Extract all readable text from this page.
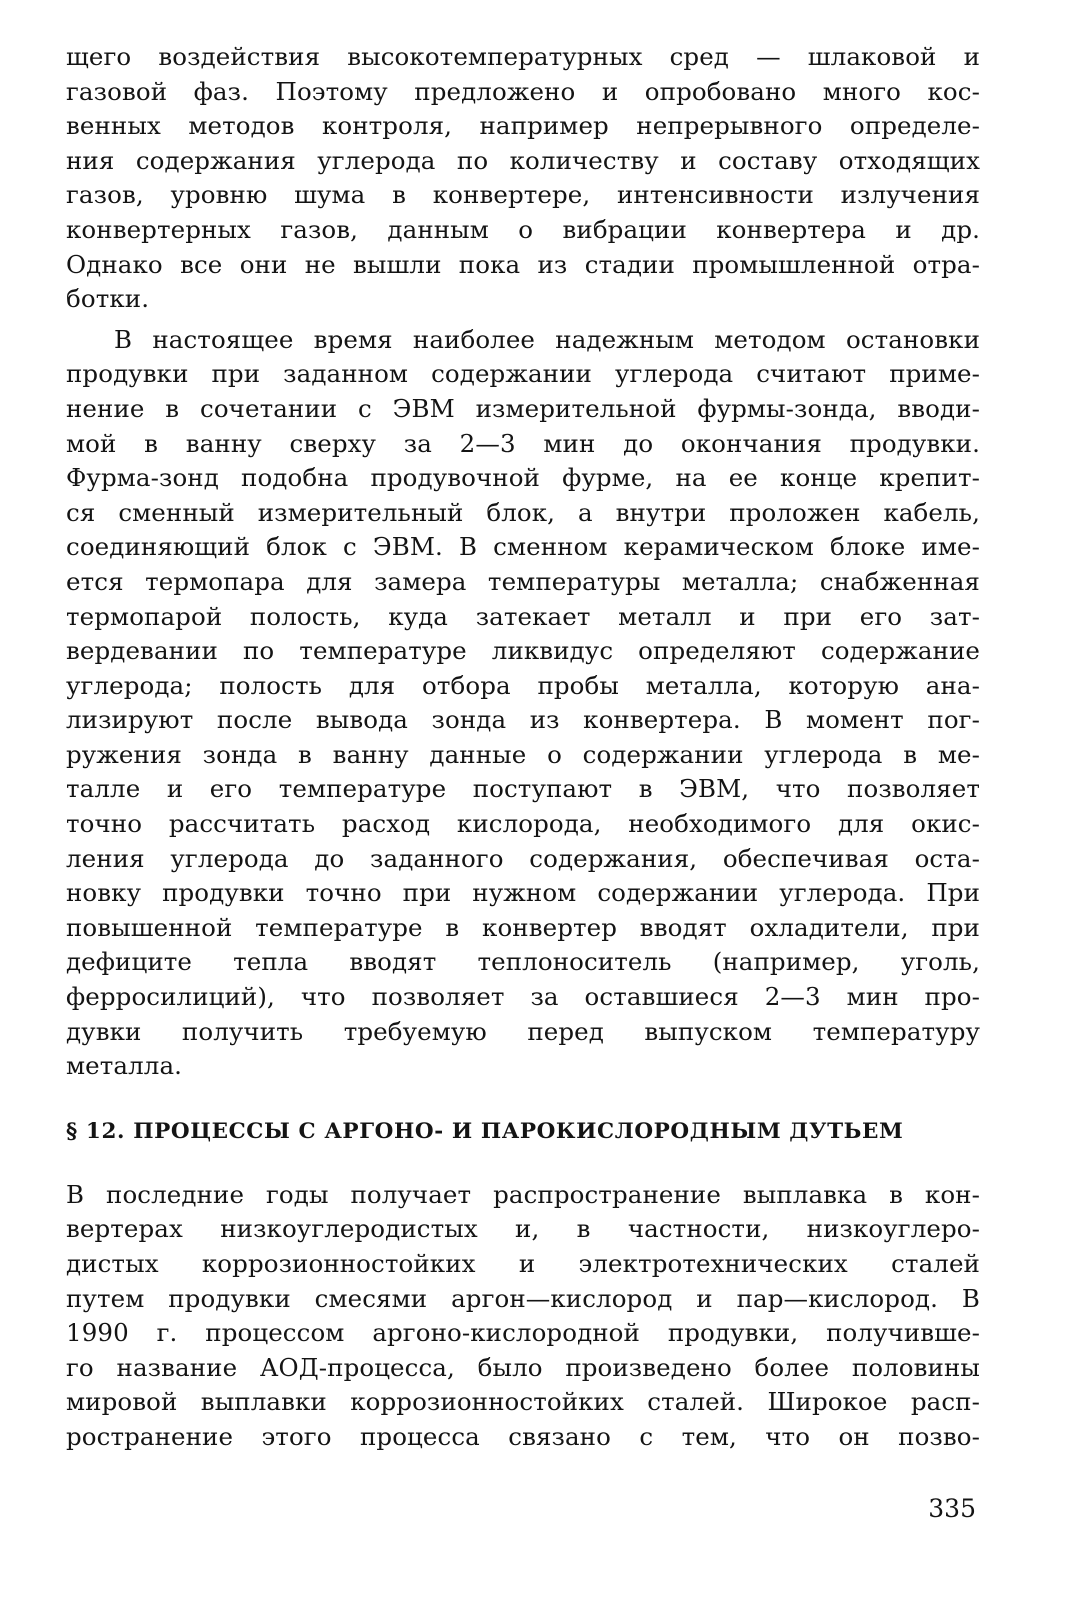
щего воздействия высокотемпературных сред — шлаковой и
газовой фаз. Поэтому предложено и опробовано много кос-
венных методов контроля, например непрерывного определе-
ния содержания углерода по количеству и составу отходящих
газов, уровню шума в конвертере, интенсивности излучения
конвертерных газов, данным о вибрации конвертера и др.
Однако все они не вышли пока из стадии промышленной отра-
ботки.
В настоящее время наиболее надежным методом остановки
продувки при заданном содержании углерода считают приме-
нение в сочетании с ЭВМ измерительной фурмы-зонда, вводи-
мой в ванну сверху за 2—3 мин до окончания продувки.
Фурма-зонд подобна продувочной фурме, на ее конце крепит-
ся сменный измерительный блок, а внутри проложен кабель,
соединяющий блок с ЭВМ. В сменном керамическом блоке име-
ется термопара для замера температуры металла; снабженная
термопарой полость, куда затекает металл и при его зат-
вердевании по температуре ликвидус определяют содержание
углерода; полость для отбора пробы металла, которую ана-
лизируют после вывода зонда из конвертера. В момент пог-
ружения зонда в ванну данные о содержании углерода в ме-
талле и его температуре поступают в ЭВМ, что позволяет
точно рассчитать расход кислорода, необходимого для окис-
ления углерода до заданного содержания, обеспечивая оста-
новку продувки точно при нужном содержании углерода. При
повышенной температуре в конвертер вводят охладители, при
дефиците тепла вводят теплоноситель (например, уголь,
ферросилиций), что позволяет за оставшиеся 2—3 мин про-
дувки получить требуемую перед выпуском температуру
металла.
§ 12. ПРОЦЕССЫ С АРГОНО- И ПАРОКИСЛОРОДНЫМ ДУТЬЕМ
В последние годы получает распространение выплавка в кон-
вертерах низкоуглеродистых и, в частности, низкоуглеро-
дистых коррозионностойких и электротехнических сталей
путем продувки смесями аргон—кислород и пар—кислород. В
1990 г. процессом аргоно-кислородной продувки, получивше-
го название АОД-процесса, было произведено более половины
мировой выплавки коррозионностойких сталей. Широкое расп-
ространение этого процесса связано с тем, что он позво-
335
